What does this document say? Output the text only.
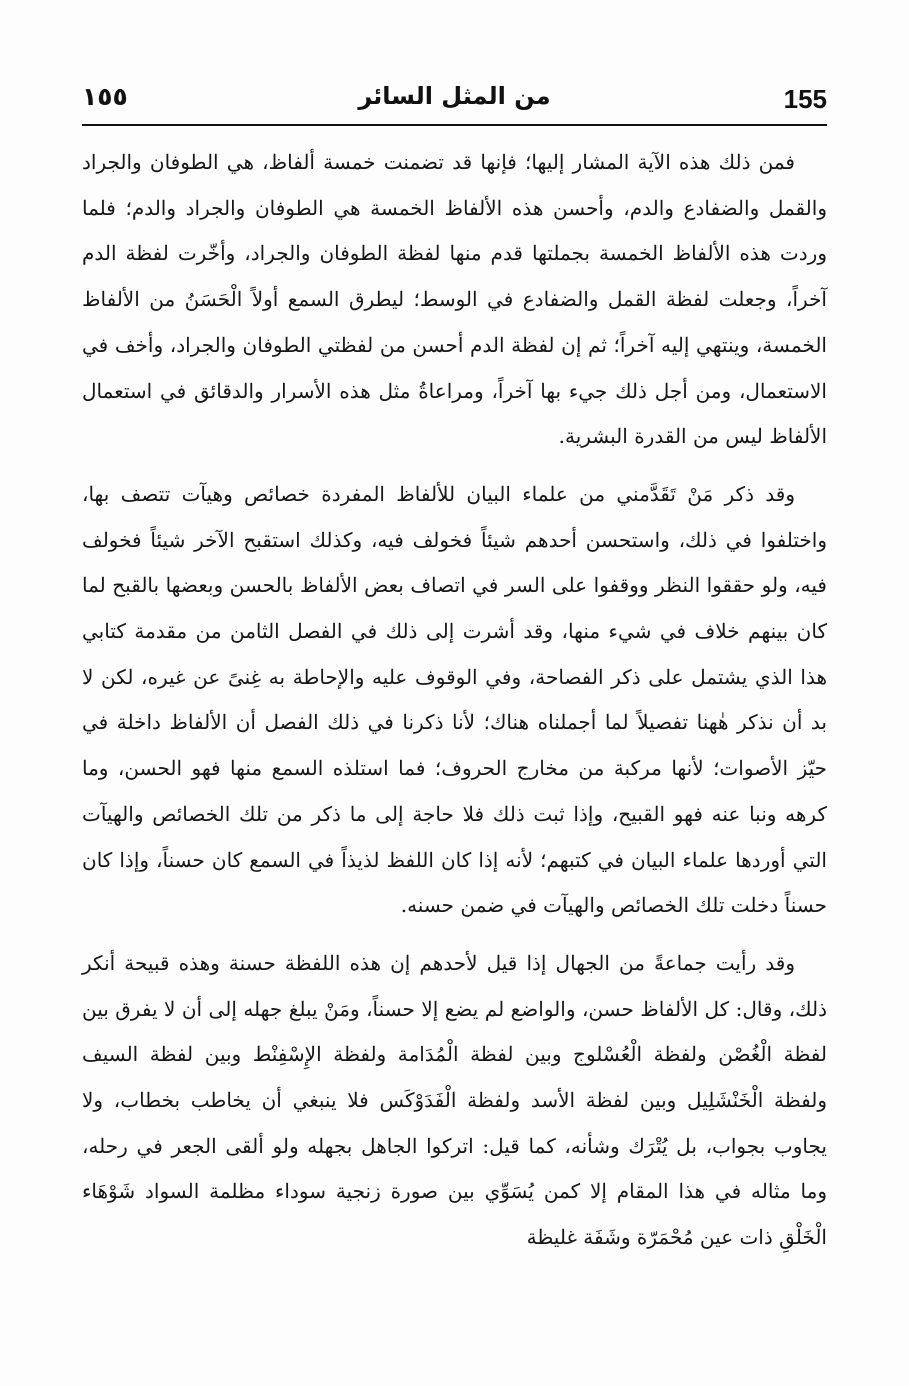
155
من المثل السائر
١٥٥

فمن ذلك هذه الآية المشار إليها؛ فإنها قد تضمنت خمسة ألفاظ، هي الطوفان والجراد والقمل والضفادع والدم، وأحسن هذه الألفاظ الخمسة هي الطوفان والجراد والدم؛ فلما وردت هذه الألفاظ الخمسة بجملتها قدم منها لفظة الطوفان والجراد، وأخّرت لفظة الدم آخراً، وجعلت لفظة القمل والضفادع في الوسط؛ ليطرق السمع أولاً الْحَسَنُ من الألفاظ الخمسة، وينتهي إليه آخراً؛ ثم إن لفظة الدم أحسن من لفظتي الطوفان والجراد، وأخف في الاستعمال، ومن أجل ذلك جيء بها آخراً، ومراعاةُ مثل هذه الأسرار والدقائق في استعمال الألفاظ ليس من القدرة البشرية.

وقد ذكر مَنْ تَقَدَّمني من علماء البيان للألفاظ المفردة خصائص وهيآت تتصف بها، واختلفوا في ذلك، واستحسن أحدهم شيئاً فخولف فيه، وكذلك استقبح الآخر شيئاً فخولف فيه، ولو حققوا النظر ووقفوا على السر في اتصاف بعض الألفاظ بالحسن وبعضها بالقبح لما كان بينهم خلاف في شيء منها، وقد أشرت إلى ذلك في الفصل الثامن من مقدمة كتابي هذا الذي يشتمل على ذكر الفصاحة، وفي الوقوف عليه والإحاطة به غِنىً عن غيره، لكن لا بد أن نذكر هٰهنا تفصيلاً لما أجملناه هناك؛ لأنا ذكرنا في ذلك الفصل أن الألفاظ داخلة في حيّز الأصوات؛ لأنها مركبة من مخارج الحروف؛ فما استلذه السمع منها فهو الحسن، وما كرهه ونبا عنه فهو القبيح، وإذا ثبت ذلك فلا حاجة إلى ما ذكر من تلك الخصائص والهيآت التي أوردها علماء البيان في كتبهم؛ لأنه إذا كان اللفظ لذيذاً في السمع كان حسناً، وإذا كان حسناً دخلت تلك الخصائص والهيآت في ضمن حسنه.

وقد رأيت جماعةً من الجهال إذا قيل لأحدهم إن هذه اللفظة حسنة وهذه قبيحة أنكر ذلك، وقال: كل الألفاظ حسن، والواضع لم يضع إلا حسناً، ومَنْ يبلغ جهله إلى أن لا يفرق بين لفظة الْغُصْن ولفظة الْعُسْلوج وبين لفظة الْمُدَامة ولفظة الإِسْفِنْط وبين لفظة السيف ولفظة الْخَنْشَلِيل وبين لفظة الأسد ولفظة الْفَدَوْكَس فلا ينبغي أن يخاطب بخطاب، ولا يجاوب بجواب، بل يُتْرَك وشأنه، كما قيل: اتركوا الجاهل بجهله ولو ألقى الجعر في رحله، وما مثاله في هذا المقام إلا كمن يُسَوِّي بين صورة زنجية سوداء مظلمة السواد شَوْهَاء الْخَلْقِ ذات عين مُحْمَرّة وشَفَة غليظة
